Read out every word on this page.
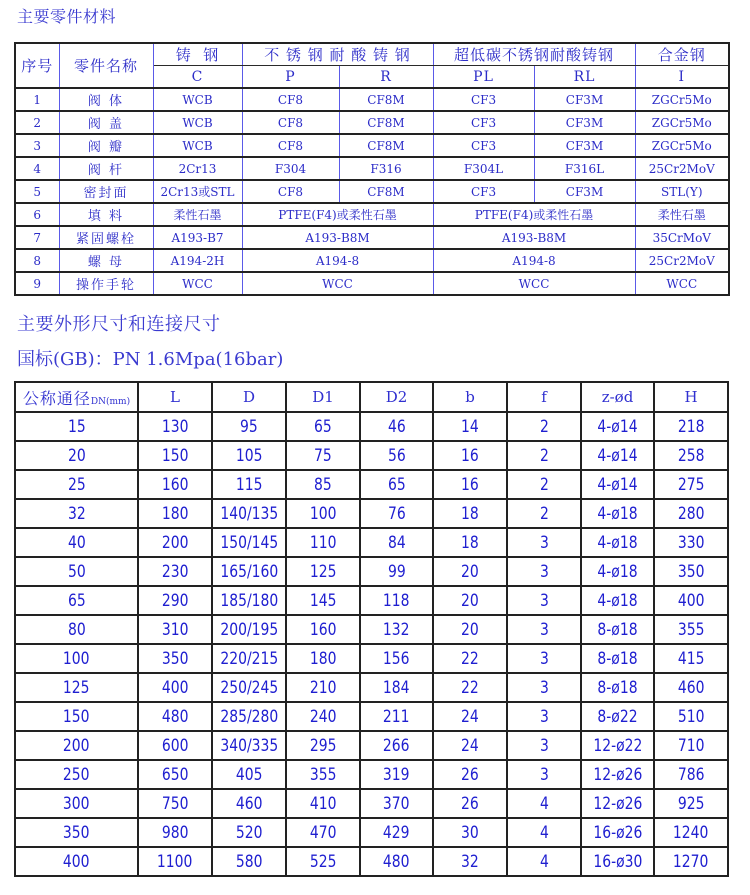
主要零件材料
序号	零件名称	铸  钢	不 锈 钢 耐 酸 铸 钢		超低碳不锈钢耐酸铸钢		合金钢
		C	P	R	PL	RL	I
1	阀 体	WCB	CF8	CF8M	CF3	CF3M	ZGCr5Mo
2	阀 盖	WCB	CF8	CF8M	CF3	CF3M	ZGCr5Mo
3	阀 瓣	WCB	CF8	CF8M	CF3	CF3M	ZGCr5Mo
4	阀 杆	2Cr13	F304	F316	F304L	F316L	25Cr2MoV
5	密封面	2Cr13或STL	CF8	CF8M	CF3	CF3M	STL(Y)
6	填 料	柔性石墨	PTFE(F4)或柔性石墨		PTFE(F4)或柔性石墨		柔性石墨
7	紧固螺栓	A193-B7	A193-B8M		A193-B8M		35CrMoV
8	螺 母	A194-2H	A194-8		A194-8		25Cr2MoV
9	操作手轮	WCC	WCC		WCC		WCC
主要外形尺寸和连接尺寸
国标(GB)：PN 1.6Mpa(16bar)
公称通径DN(mm)	L	D	D1	D2	b	f	z-ød	H
15	130	95	65	46	14	2	4-ø14	218
20	150	105	75	56	16	2	4-ø14	258
25	160	115	85	65	16	2	4-ø14	275
32	180	140/135	100	76	18	2	4-ø18	280
40	200	150/145	110	84	18	3	4-ø18	330
50	230	165/160	125	99	20	3	4-ø18	350
65	290	185/180	145	118	20	3	4-ø18	400
80	310	200/195	160	132	20	3	8-ø18	355
100	350	220/215	180	156	22	3	8-ø18	415
125	400	250/245	210	184	22	3	8-ø18	460
150	480	285/280	240	211	24	3	8-ø22	510
200	600	340/335	295	266	24	3	12-ø22	710
250	650	405	355	319	26	3	12-ø26	786
300	750	460	410	370	26	4	12-ø26	925
350	980	520	470	429	30	4	16-ø26	1240
400	1100	580	525	480	32	4	16-ø30	1270
